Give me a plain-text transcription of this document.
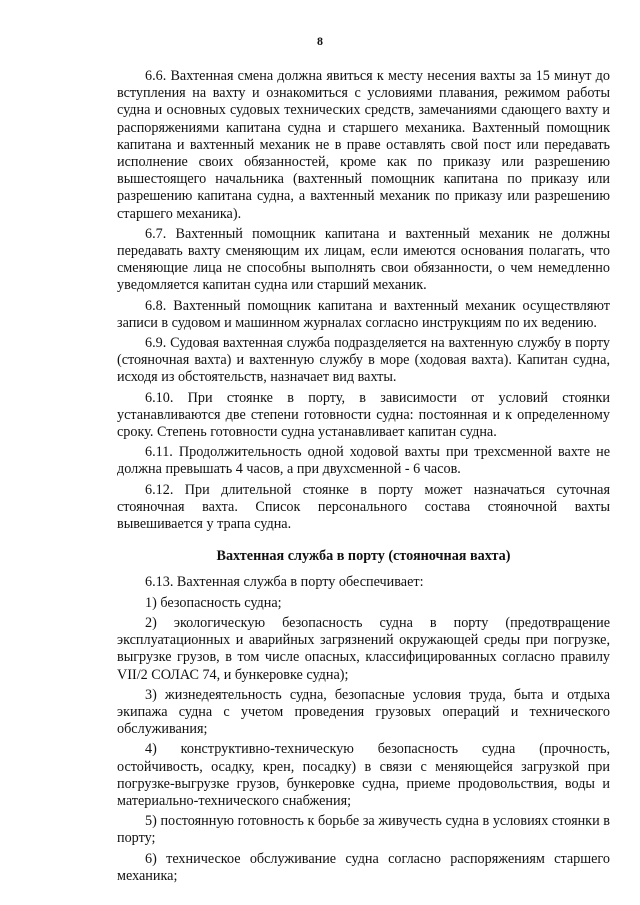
8

6.6. Вахтенная смена должна явиться к месту несения вахты за 15 минут до вступления на вахту и ознакомиться с условиями плавания, режимом работы судна и основных судовых технических средств, замечаниями сдающего вахту и распоряжениями капитана судна и старшего механика. Вахтенный помощник капитана и вахтенный механик не в праве оставлять свой пост или передавать исполнение своих обязанностей, кроме как по приказу или разрешению вышестоящего начальника (вахтенный помощник капитана по приказу или разрешению капитана судна, а вахтенный механик по приказу или разрешению старшего механика).

6.7. Вахтенный помощник капитана и вахтенный механик не должны передавать вахту сменяющим их лицам, если имеются основания полагать, что сменяющие лица не способны выполнять свои обязанности, о чем немедленно уведомляется капитан судна или старший механик.

6.8. Вахтенный помощник капитана и вахтенный механик осуществляют записи в судовом и машинном журналах согласно инструкциям по их ведению.

6.9. Судовая вахтенная служба подразделяется на вахтенную службу в порту (стояночная вахта) и вахтенную службу в море (ходовая вахта). Капитан судна, исходя из обстоятельств, назначает вид вахты.

6.10. При стоянке в порту, в зависимости от условий стоянки устанавливаются две степени готовности судна: постоянная и к определенному сроку. Степень готовности судна устанавливает капитан судна.

6.11. Продолжительность одной ходовой вахты при трехсменной вахте не должна превышать 4 часов, а при двухсменной - 6 часов.

6.12. При длительной стоянке в порту может назначаться суточная стояночная вахта. Список персонального состава стояночной вахты вывешивается у трапа судна.

Вахтенная служба в порту (стояночная вахта)

6.13. Вахтенная служба в порту обеспечивает:

1) безопасность судна;

2) экологическую безопасность судна в порту (предотвращение эксплуатационных и аварийных загрязнений окружающей среды при погрузке, выгрузке грузов, в том числе опасных, классифицированных согласно правилу VII/2 СОЛАС 74, и бункеровке судна);

3) жизнедеятельность судна, безопасные условия труда, быта и отдыха экипажа судна с учетом проведения грузовых операций и технического обслуживания;

4) конструктивно-техническую безопасность судна (прочность, остойчивость, осадку, крен, посадку) в связи с меняющейся загрузкой при погрузке-выгрузке грузов, бункеровке судна, приеме продовольствия, воды и материально-технического снабжения;

5) постоянную готовность к борьбе за живучесть судна в условиях стоянки в порту;

6) техническое обслуживание судна согласно распоряжениям старшего механика;
